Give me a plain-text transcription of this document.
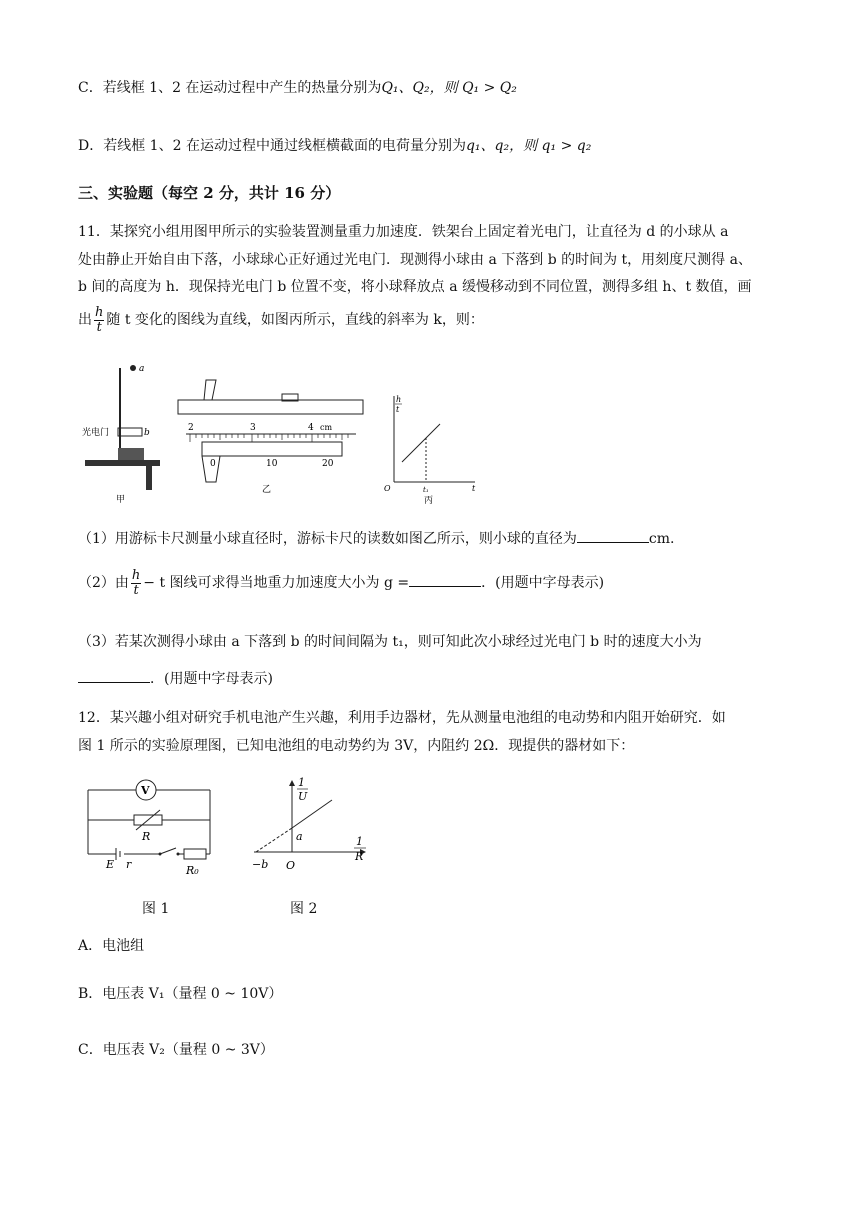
C．若线框 1、2 在运动过程中产生的热量分别为Q₁、Q₂，则 Q₁ > Q₂
D．若线框 1、2 在运动过程中通过线框横截面的电荷量分别为q₁、q₂，则 q₁ > q₂
三、实验题（每空 2 分，共计 16 分）
11．某探究小组用图甲所示的实验装置测量重力加速度．铁架台上固定着光电门，让直径为 d 的小球从 a
处由静止开始自由下落，小球球心正好通过光电门．现测得小球由 a 下落到 b 的时间为 t，用刻度尺测得 a、
b 间的高度为 h．现保持光电门 b 位置不变，将小球释放点 a 缓慢移动到不同位置，测得多组 h、t 数值，画
出 $\frac{h}{t}$ 随 t 变化的图线为直线，如图丙所示，直线的斜率为 k，则：
a
光电门	b
甲
2	3	4 cm
0	10	20
乙
h
t
O	t₁	t
丙
（1）用游标卡尺测量小球直径时，游标卡尺的读数如图乙所示，则小球的直径为	cm.
（2）由 $\frac{h}{t} - t$ 图线可求得当地重力加速度大小为 g =	．(用题中字母表示)
（3）若某次测得小球由 a 下落到 b 的时间间隔为 t₁，则可知此次小球经过光电门 b 时的速度大小为
．(用题中字母表示)
12．某兴趣小组对研究手机电池产生兴趣，利用手边器材，先从测量电池组的电动势和内阻开始研究．如
图 1 所示的实验原理图，已知电池组的电动势约为 3V，内阻约 2Ω．现提供的器材如下：
V
R
E r	R₀
图 1
1
U
a
−b O
1
R
图 2
A．电池组
B．电压表 V₁（量程 0 ~ 10V）
C．电压表 V₂（量程 0 ~ 3V）
